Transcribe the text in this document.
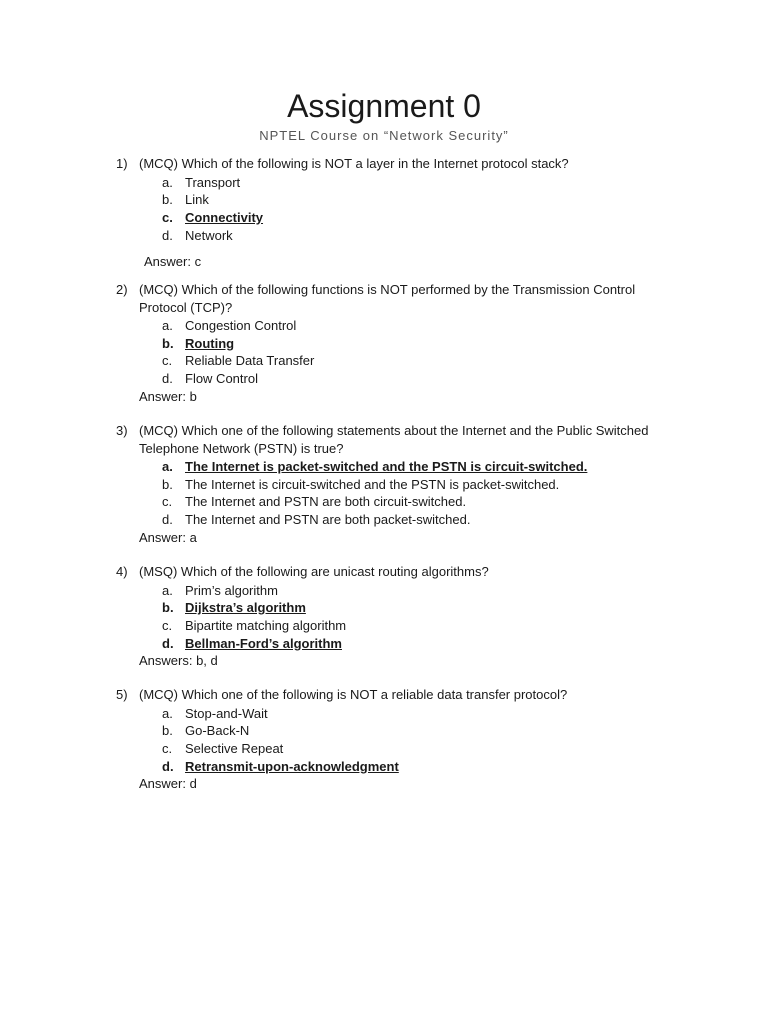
Assignment 0
NPTEL Course on “Network Security”
1) (MCQ) Which of the following is NOT a layer in the Internet protocol stack?
a. Transport
b. Link
c. Connectivity
d. Network
Answer: c
2) (MCQ) Which of the following functions is NOT performed by the Transmission Control Protocol (TCP)?
a. Congestion Control
b. Routing
c. Reliable Data Transfer
d. Flow Control
Answer: b
3) (MCQ) Which one of the following statements about the Internet and the Public Switched Telephone Network (PSTN) is true?
a. The Internet is packet-switched and the PSTN is circuit-switched.
b. The Internet is circuit-switched and the PSTN is packet-switched.
c. The Internet and PSTN are both circuit-switched.
d. The Internet and PSTN are both packet-switched.
Answer: a
4) (MSQ) Which of the following are unicast routing algorithms?
a. Prim’s algorithm
b. Dijkstra’s algorithm
c. Bipartite matching algorithm
d. Bellman-Ford’s algorithm
Answers: b, d
5) (MCQ) Which one of the following is NOT a reliable data transfer protocol?
a. Stop-and-Wait
b. Go-Back-N
c. Selective Repeat
d. Retransmit-upon-acknowledgment
Answer: d
